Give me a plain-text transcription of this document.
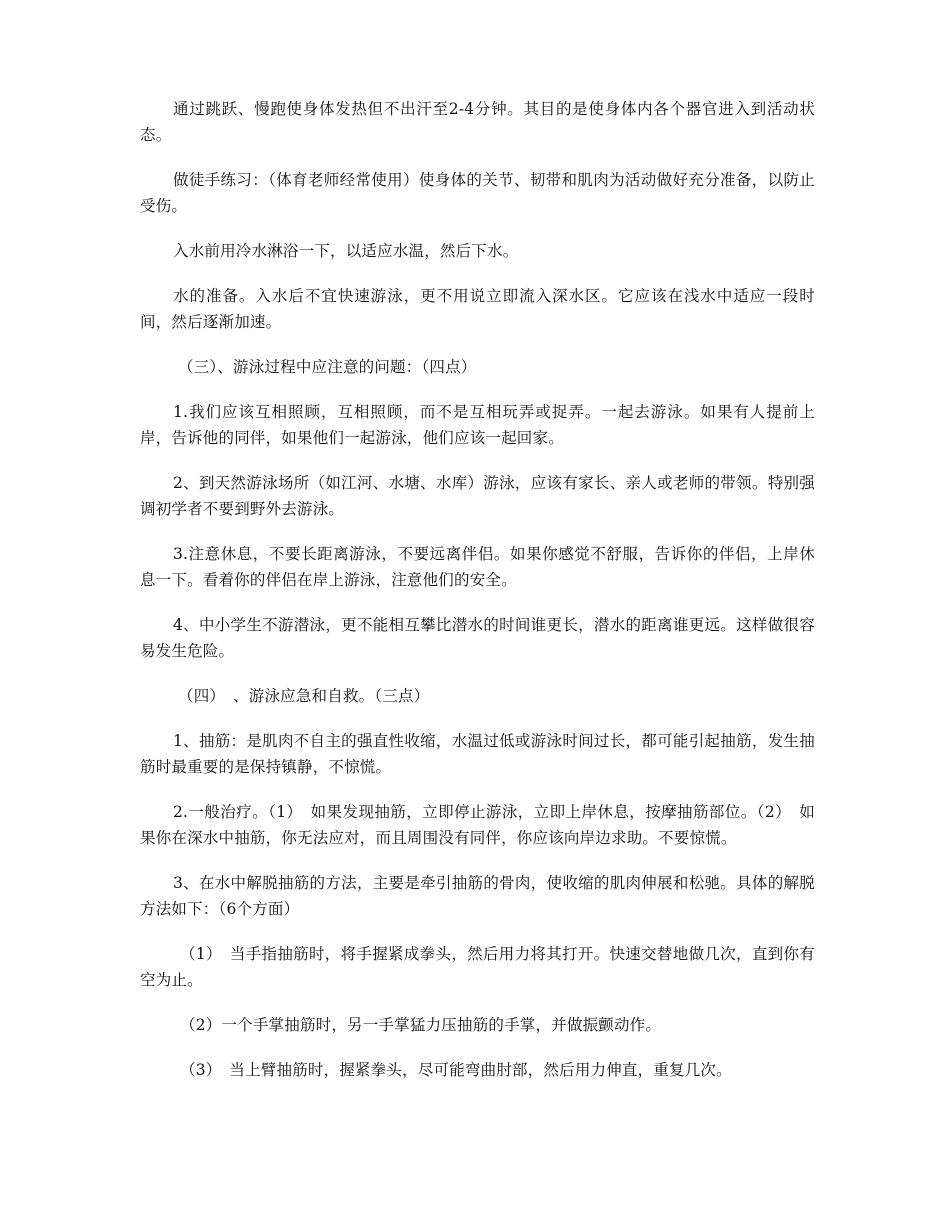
通过跳跃、慢跑使身体发热但不出汗至2-4分钟。其目的是使身体内各个器官进入到活动状态。

做徒手练习：（体育老师经常使用）使身体的关节、韧带和肌肉为活动做好充分准备，以防止受伤。

入水前用冷水淋浴一下，以适应水温，然后下水。

水的准备。入水后不宜快速游泳，更不用说立即流入深水区。它应该在浅水中适应一段时间，然后逐渐加速。

（三）、游泳过程中应注意的问题：（四点）

1.我们应该互相照顾，互相照顾，而不是互相玩弄或捉弄。一起去游泳。如果有人提前上岸，告诉他的同伴，如果他们一起游泳，他们应该一起回家。

2、到天然游泳场所（如江河、水塘、水库）游泳，应该有家长、亲人或老师的带领。特别强调初学者不要到野外去游泳。

3.注意休息，不要长距离游泳，不要远离伴侣。如果你感觉不舒服，告诉你的伴侣，上岸休息一下。看着你的伴侣在岸上游泳，注意他们的安全。

4、中小学生不游潜泳，更不能相互攀比潜水的时间谁更长，潜水的距离谁更远。这样做很容易发生危险。

（四）　、游泳应急和自救。（三点）

1、抽筋：是肌肉不自主的强直性收缩，水温过低或游泳时间过长，都可能引起抽筋，发生抽筋时最重要的是保持镇静，不惊慌。

2.一般治疗。（1）　如果发现抽筋，立即停止游泳，立即上岸休息，按摩抽筋部位。（2）　如果你在深水中抽筋，你无法应对，而且周围没有同伴，你应该向岸边求助。不要惊慌。

3、在水中解脱抽筋的方法，主要是牵引抽筋的骨肉，使收缩的肌肉伸展和松驰。具体的解脱方法如下：（6个方面）

（1）　当手指抽筋时，将手握紧成拳头，然后用力将其打开。快速交替地做几次，直到你有空为止。

（2）一个手掌抽筋时，另一手掌猛力压抽筋的手掌，并做振颤动作。

（3）　当上臂抽筋时，握紧拳头，尽可能弯曲肘部，然后用力伸直，重复几次。
